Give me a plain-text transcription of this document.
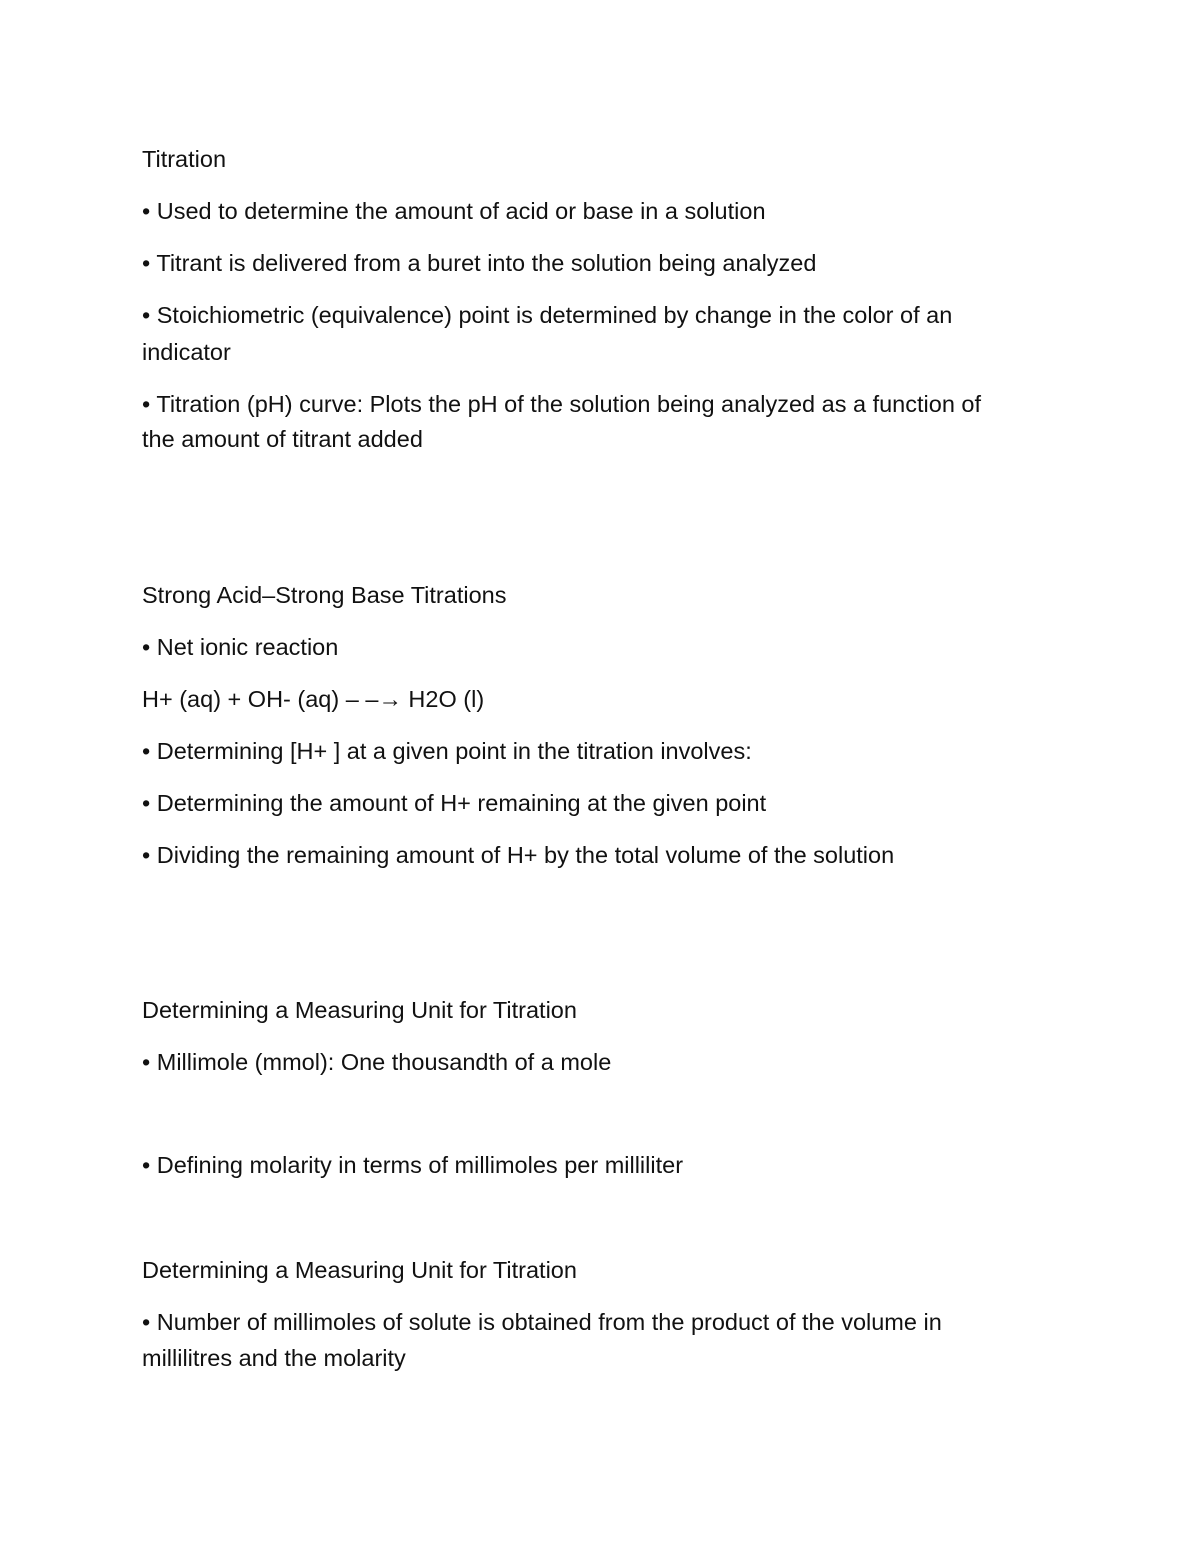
Titration
• Used to determine the amount of acid or base in a solution
• Titrant is delivered from a buret into the solution being analyzed
• Stoichiometric (equivalence) point is determined by change in the color of an
indicator
• Titration (pH) curve: Plots the pH of the solution being analyzed as a function of
the amount of titrant added
Strong Acid–Strong Base Titrations
• Net ionic reaction
H+ (aq) + OH- (aq) – –→ H2O (l)
• Determining [H+ ] at a given point in the titration involves:
• Determining the amount of H+ remaining at the given point
• Dividing the remaining amount of H+ by the total volume of the solution
Determining a Measuring Unit for Titration
• Millimole (mmol): One thousandth of a mole
• Defining molarity in terms of millimoles per milliliter
Determining a Measuring Unit for Titration
• Number of millimoles of solute is obtained from the product of the volume in
millilitres and the molarity
